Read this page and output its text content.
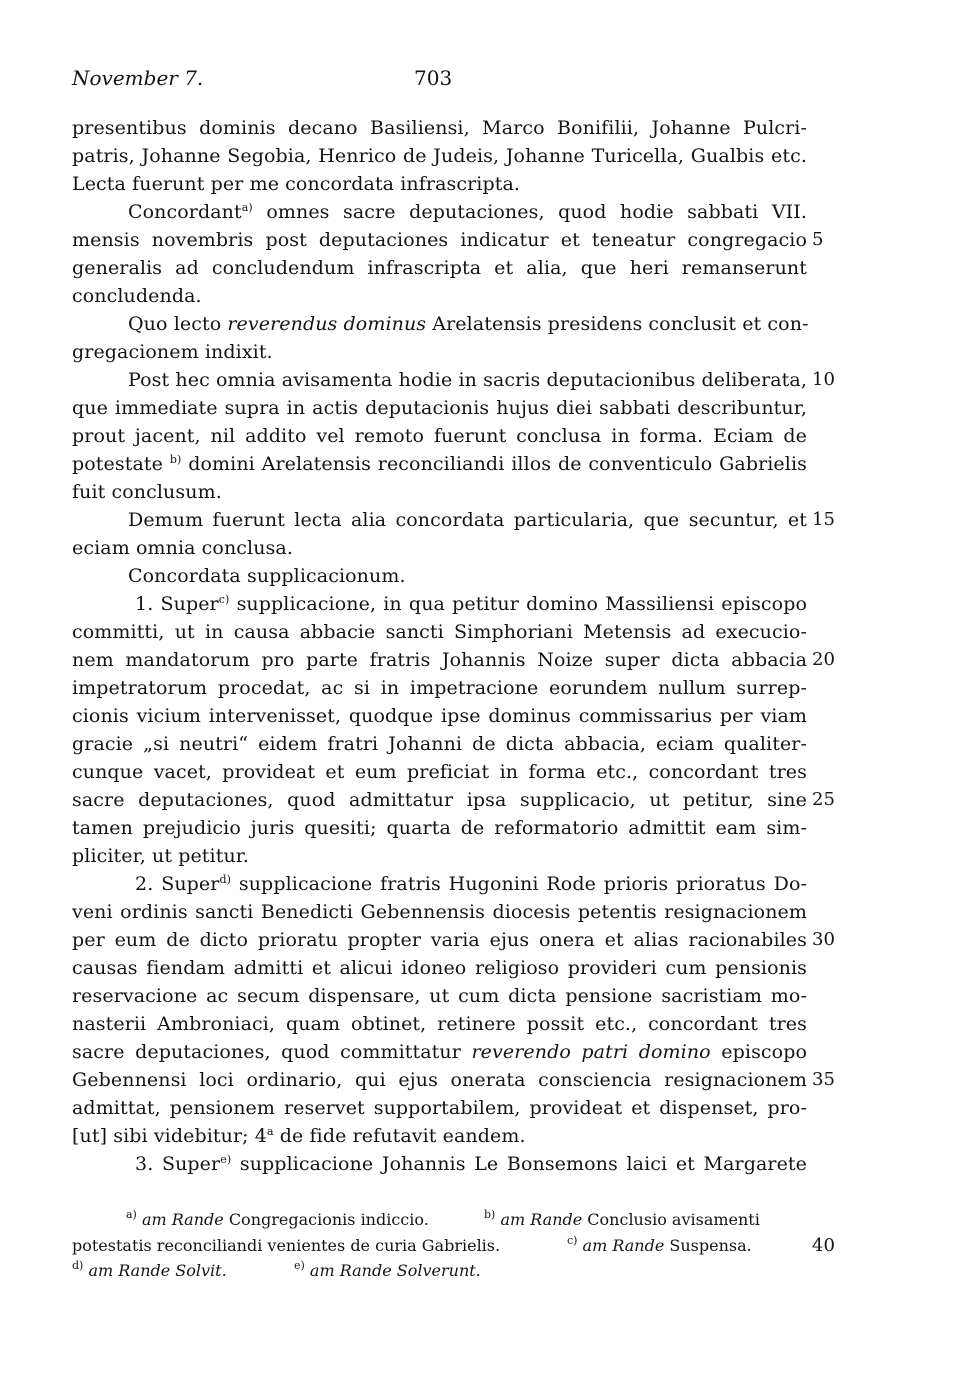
November 7.	703
presentibus dominis decano Basiliensi, Marco Bonifilii, Johanne Pulcri-
patris, Johanne Segobia, Henrico de Judeis, Johanne Turicella, Gualbis etc.
Lecta fuerunt per me concordata infrascripta.
Concordant$^{a)}$ omnes sacre deputaciones, quod hodie sabbati VII.
mensis novembris post deputaciones indicatur et teneatur congregacio 5
generalis ad concludendum infrascripta et alia, que heri remanserunt
concludenda.
Quo lecto reverendus dominus Arelatensis presidens conclusit et con-
gregacionem indixit.
Post hec omnia avisamenta hodie in sacris deputacionibus deliberata, 10
que immediate supra in actis deputacionis hujus diei sabbati describuntur,
prout jacent, nil addito vel remoto fuerunt conclusa in forma. Eciam de
potestate $^{b)}$ domini Arelatensis reconciliandi illos de conventiculo Gabrielis
fuit conclusum.
Demum fuerunt lecta alia concordata particularia, que secuntur, et 15
eciam omnia conclusa.
Concordata supplicacionum.
1. Super$^{c)}$ supplicacione, in qua petitur domino Massiliensi episcopo
committi, ut in causa abbacie sancti Simphoriani Metensis ad execucio-
nem mandatorum pro parte fratris Johannis Noize super dicta abbacia 20
impetratorum procedat, ac si in impetracione eorundem nullum surrep-
cionis vicium intervenisset, quodque ipse dominus commissarius per viam
gracie „si neutri“ eidem fratri Johanni de dicta abbacia, eciam qualiter-
cunque vacet, provideat et eum preficiat in forma etc., concordant tres
sacre deputaciones, quod admittatur ipsa supplicacio, ut petitur, sine 25
tamen prejudicio juris quesiti; quarta de reformatorio admittit eam sim-
pliciter, ut petitur.
2. Super$^{d)}$ supplicacione fratris Hugonini Rode prioris prioratus Do-
veni ordinis sancti Benedicti Gebennensis diocesis petentis resignacionem
per eum de dicto prioratu propter varia ejus onera et alias racionabiles 30
causas fiendam admitti et alicui idoneo religioso provideri cum pensionis
reservacione ac secum dispensare, ut cum dicta pensione sacristiam mo-
nasterii Ambroniaci, quam obtinet, retinere possit etc., concordant tres
sacre deputaciones, quod committatur reverendo patri domino episcopo
Gebennensi loci ordinario, qui ejus onerata consciencia resignacionem 35
admittat, pensionem reservet supportabilem, provideat et dispenset, pro-
[ut] sibi videbitur; 4$^a$ de fide refutavit eandem.
3. Super$^{e)}$ supplicacione Johannis Le Bonsemons laici et Margarete
$^{a)}$ am Rande Congregacionis indiccio.	$^{b)}$ am Rande Conclusio avisamenti
potestatis reconciliandi venientes de curia Gabrielis.	$^{c)}$ am Rande Suspensa.	40
$^{d)}$ am Rande Solvit.	$^{e)}$ am Rande Solverunt.
